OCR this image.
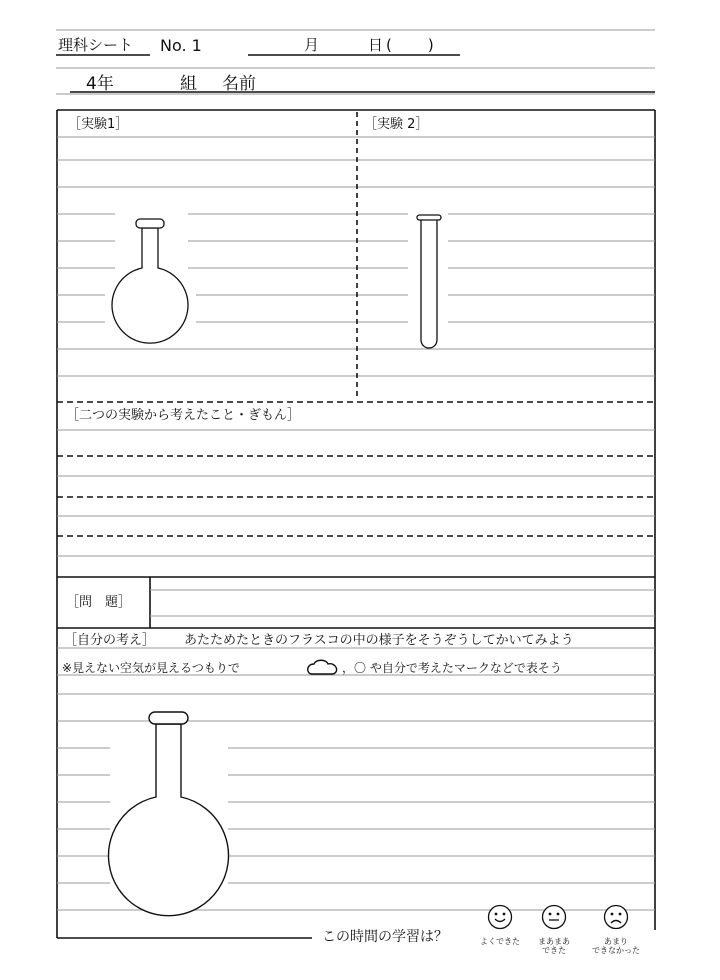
理科シート No. 1	月	日 (　　)
4年	組 名前
［実験1］	［実験 2］
［二つの実験から考えたこと・ぎもん］
［問　題］
［自分の考え］ あたためたときのフラスコの中の様子をそうぞうしてかいてみよう
※見えない空気が見えるつもりで	，〇 や自分で考えたマークなどで表そう
この時間の学習は？	よくできた	まあまあ
できた
あまり
できなかった
